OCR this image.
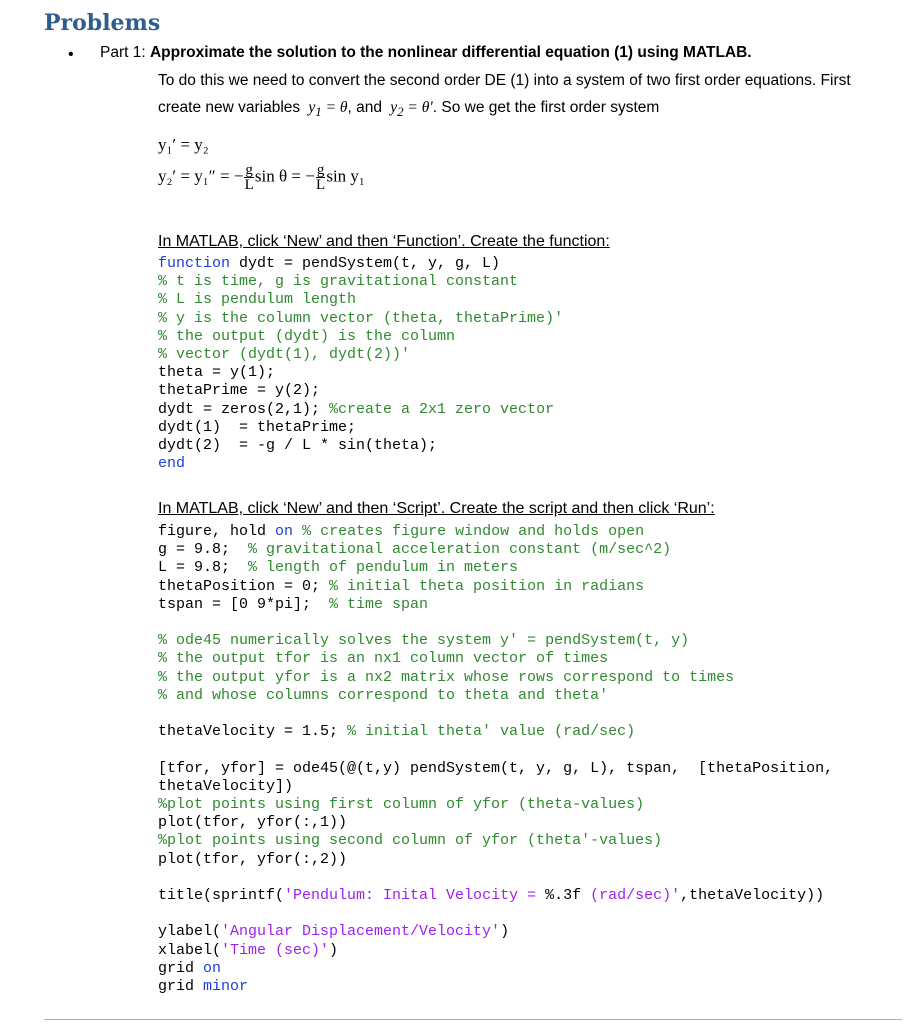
Problems
• Part 1: Approximate the solution to the nonlinear differential equation (1) using MATLAB.
To do this we need to convert the second order DE (1) into a system of two first order equations. First
create new variables  $y_1 = \theta$, and  $y_2 = \theta'$. So we get the first order system
y₁′ = y₂
y₂′ = y₁″ = − $\frac{g}{L}$ sin θ = − $\frac{g}{L}$ sin y₁
In MATLAB, click ‘New’ and then ‘Function’. Create the function:
function dydt = pendSystem(t, y, g, L)
% t is time, g is gravitational constant
% L is pendulum length
% y is the column vector (theta, thetaPrime)'
% the output (dydt) is the column
% vector (dydt(1), dydt(2))'
theta = y(1);
thetaPrime = y(2);
dydt = zeros(2,1); %create a 2x1 zero vector
dydt(1)  = thetaPrime;
dydt(2)  = -g / L * sin(theta);
end
In MATLAB, click ‘New’ and then ‘Script’. Create the script and then click ‘Run’:
figure, hold on % creates figure window and holds open
g = 9.8;  % gravitational acceleration constant (m/sec^2)
L = 9.8;  % length of pendulum in meters
thetaPosition = 0; % initial theta position in radians
tspan = [0 9*pi];  % time span

% ode45 numerically solves the system y' = pendSystem(t, y)
% the output tfor is an nx1 column vector of times
% the output yfor is a nx2 matrix whose rows correspond to times
% and whose columns correspond to theta and theta'

thetaVelocity = 1.5; % initial theta' value (rad/sec)

[tfor, yfor] = ode45(@(t,y) pendSystem(t, y, g, L), tspan,  [thetaPosition,
thetaVelocity])
%plot points using first column of yfor (theta-values)
plot(tfor, yfor(:,1))
%plot points using second column of yfor (theta'-values)
plot(tfor, yfor(:,2))

title(sprintf('Pendulum: Inital Velocity = %.3f (rad/sec)',thetaVelocity))

ylabel('Angular Displacement/Velocity')
xlabel('Time (sec)')
grid on
grid minor
